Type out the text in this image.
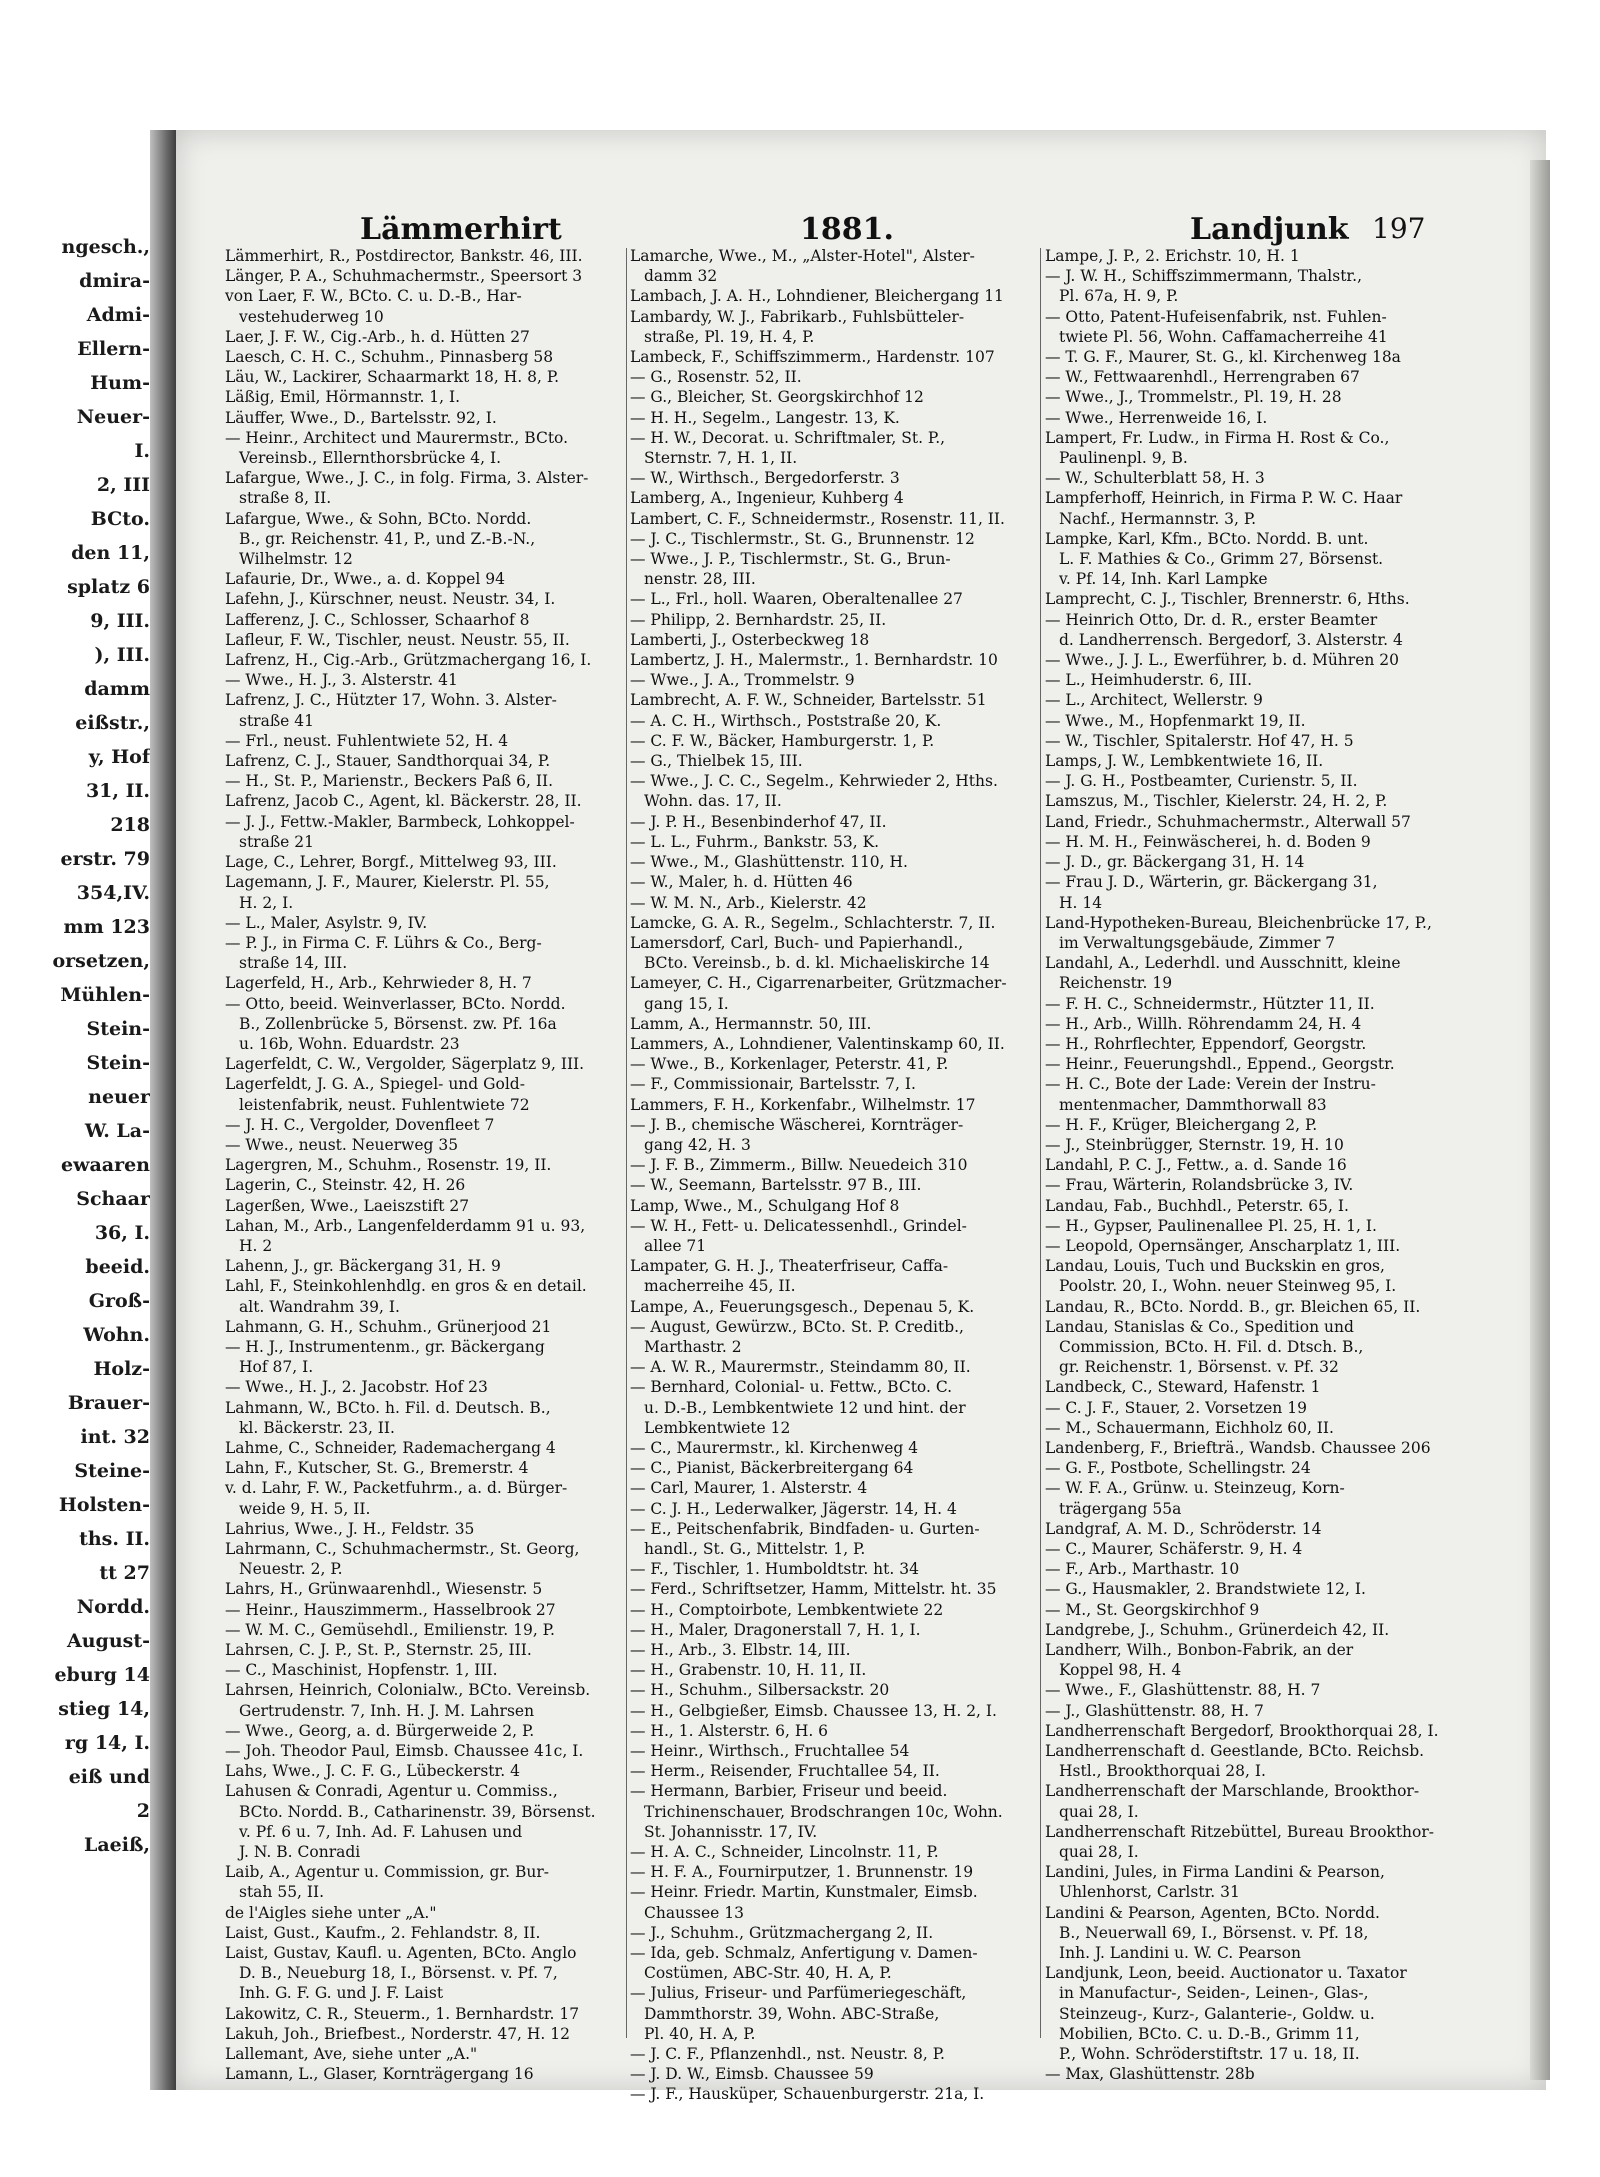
ngesch.,
dmira-
Admi-
Ellern-
Hum-
Neuer-
I.
2, III
BCto.
den 11,
splatz 6
9, III.
), III.
damm
eißstr.,
y, Hof
31, II.
218
erstr. 79
354,IV.
mm 123
orsetzen,
Mühlen-
Stein-
Stein-
neuer
W. La-
ewaaren
Schaar
36, I.
beeid.
Groß-
Wohn.
Holz-
Brauer-
int. 32
Steine-
Holsten-
ths. II.
tt 27
Nordd.
August-
eburg 14
stieg 14,
rg 14, I.
eiß und
2
Laeiß,
Lämmerhirt	1881.	Landjunk 197
Lämmerhirt, R., Postdirector, Bankstr. 46, III.
Länger, P. A., Schuhmachermstr., Speersort 3
von Laer, F. W., BCto. C. u. D.-B., Har-
vestehuderweg 10
Laer, J. F. W., Cig.-Arb., h. d. Hütten 27
Laesch, C. H. C., Schuhm., Pinnasberg 58
Läu, W., Lackirer, Schaarmarkt 18, H. 8, P.
Läßig, Emil, Hörmannstr. 1, I.
Läuffer, Wwe., D., Bartelsstr. 92, I.
— Heinr., Architect und Maurermstr., BCto.
Vereinsb., Ellernthorsbrücke 4, I.
Lafargue, Wwe., J. C., in folg. Firma, 3. Alster-
straße 8, II.
Lafargue, Wwe., & Sohn, BCto. Nordd.
B., gr. Reichenstr. 41, P., und Z.-B.-N.,
Wilhelmstr. 12
Lafaurie, Dr., Wwe., a. d. Koppel 94
Lafehn, J., Kürschner, neust. Neustr. 34, I.
Lafferenz, J. C., Schlosser, Schaarhof 8
Lafleur, F. W., Tischler, neust. Neustr. 55, II.
Lafrenz, H., Cig.-Arb., Grützmachergang 16, I.
— Wwe., H. J., 3. Alsterstr. 41
Lafrenz, J. C., Hützter 17, Wohn. 3. Alster-
straße 41
— Frl., neust. Fuhlentwiete 52, H. 4
Lafrenz, C. J., Stauer, Sandthorquai 34, P.
— H., St. P., Marienstr., Beckers Paß 6, II.
Lafrenz, Jacob C., Agent, kl. Bäckerstr. 28, II.
— J. J., Fettw.-Makler, Barmbeck, Lohkoppel-
straße 21
Lage, C., Lehrer, Borgf., Mittelweg 93, III.
Lagemann, J. F., Maurer, Kielerstr. Pl. 55,
H. 2, I.
— L., Maler, Asylstr. 9, IV.
— P. J., in Firma C. F. Lührs & Co., Berg-
straße 14, III.
Lagerfeld, H., Arb., Kehrwieder 8, H. 7
— Otto, beeid. Weinverlasser, BCto. Nordd.
B., Zollenbrücke 5, Börsenst. zw. Pf. 16a
u. 16b, Wohn. Eduardstr. 23
Lagerfeldt, C. W., Vergolder, Sägerplatz 9, III.
Lagerfeldt, J. G. A., Spiegel- und Gold-
leistenfabrik, neust. Fuhlentwiete 72
— J. H. C., Vergolder, Dovenfleet 7
— Wwe., neust. Neuerweg 35
Lagergren, M., Schuhm., Rosenstr. 19, II.
Lagerin, C., Steinstr. 42, H. 26
Lagerßen, Wwe., Laeiszstift 27
Lahan, M., Arb., Langenfelderdamm 91 u. 93,
H. 2
Lahenn, J., gr. Bäckergang 31, H. 9
Lahl, F., Steinkohlenhdlg. en gros & en detail.
alt. Wandrahm 39, I.
Lahmann, G. H., Schuhm., Grünerjood 21
— H. J., Instrumentenm., gr. Bäckergang
Hof 87, I.
— Wwe., H. J., 2. Jacobstr. Hof 23
Lahmann, W., BCto. h. Fil. d. Deutsch. B.,
kl. Bäckerstr. 23, II.
Lahme, C., Schneider, Rademachergang 4
Lahn, F., Kutscher, St. G., Bremerstr. 4
v. d. Lahr, F. W., Packetfuhrm., a. d. Bürger-
weide 9, H. 5, II.
Lahrius, Wwe., J. H., Feldstr. 35
Lahrmann, C., Schuhmachermstr., St. Georg,
Neuestr. 2, P.
Lahrs, H., Grünwaarenhdl., Wiesenstr. 5
— Heinr., Hauszimmerm., Hasselbrook 27
— W. M. C., Gemüsehdl., Emilienstr. 19, P.
Lahrsen, C. J. P., St. P., Sternstr. 25, III.
— C., Maschinist, Hopfenstr. 1, III.
Lahrsen, Heinrich, Colonialw., BCto. Vereinsb.
Gertrudenstr. 7, Inh. H. J. M. Lahrsen
— Wwe., Georg, a. d. Bürgerweide 2, P.
— Joh. Theodor Paul, Eimsb. Chaussee 41c, I.
Lahs, Wwe., J. C. F. G., Lübeckerstr. 4
Lahusen & Conradi, Agentur u. Commiss.,
BCto. Nordd. B., Catharinenstr. 39, Börsenst.
v. Pf. 6 u. 7, Inh. Ad. F. Lahusen und
J. N. B. Conradi
Laib, A., Agentur u. Commission, gr. Bur-
stah 55, II.
de l'Aigles siehe unter „A."
Laist, Gust., Kaufm., 2. Fehlandstr. 8, II.
Laist, Gustav, Kaufl. u. Agenten, BCto. Anglo
D. B., Neueburg 18, I., Börsenst. v. Pf. 7,
Inh. G. F. G. und J. F. Laist
Lakowitz, C. R., Steuerm., 1. Bernhardstr. 17
Lakuh, Joh., Briefbest., Norderstr. 47, H. 12
Lallemant, Ave, siehe unter „A."
Lamann, L., Glaser, Kornträgergang 16
Lamarche, Wwe., M., „Alster-Hotel", Alster-
damm 32
Lambach, J. A. H., Lohndiener, Bleichergang 11
Lambardy, W. J., Fabrikarb., Fuhlsbütteler-
straße, Pl. 19, H. 4, P.
Lambeck, F., Schiffszimmerm., Hardenstr. 107
— G., Rosenstr. 52, II.
— G., Bleicher, St. Georgskirchhof 12
— H. H., Segelm., Langestr. 13, K.
— H. W., Decorat. u. Schriftmaler, St. P.,
Sternstr. 7, H. 1, II.
— W., Wirthsch., Bergedorferstr. 3
Lamberg, A., Ingenieur, Kuhberg 4
Lambert, C. F., Schneidermstr., Rosenstr. 11, II.
— J. C., Tischlermstr., St. G., Brunnenstr. 12
— Wwe., J. P., Tischlermstr., St. G., Brun-
nenstr. 28, III.
— L., Frl., holl. Waaren, Oberaltenallee 27
— Philipp, 2. Bernhardstr. 25, II.
Lamberti, J., Osterbeckweg 18
Lambertz, J. H., Malermstr., 1. Bernhardstr. 10
— Wwe., J. A., Trommelstr. 9
Lambrecht, A. F. W., Schneider, Bartelsstr. 51
— A. C. H., Wirthsch., Poststraße 20, K.
— C. F. W., Bäcker, Hamburgerstr. 1, P.
— G., Thielbek 15, III.
— Wwe., J. C. C., Segelm., Kehrwieder 2, Hths.
Wohn. das. 17, II.
— J. P. H., Besenbinderhof 47, II.
— L. L., Fuhrm., Bankstr. 53, K.
— Wwe., M., Glashüttenstr. 110, H.
— W., Maler, h. d. Hütten 46
— W. M. N., Arb., Kielerstr. 42
Lamcke, G. A. R., Segelm., Schlachterstr. 7, II.
Lamersdorf, Carl, Buch- und Papierhandl.,
BCto. Vereinsb., b. d. kl. Michaeliskirche 14
Lameyer, C. H., Cigarrenarbeiter, Grützmacher-
gang 15, I.
Lamm, A., Hermannstr. 50, III.
Lammers, A., Lohndiener, Valentinskamp 60, II.
— Wwe., B., Korkenlager, Peterstr. 41, P.
— F., Commissionair, Bartelsstr. 7, I.
Lammers, F. H., Korkenfabr., Wilhelmstr. 17
— J. B., chemische Wäscherei, Kornträger-
gang 42, H. 3
— J. F. B., Zimmerm., Billw. Neuedeich 310
— W., Seemann, Bartelsstr. 97 B., III.
Lamp, Wwe., M., Schulgang Hof 8
— W. H., Fett- u. Delicatessenhdl., Grindel-
allee 71
Lampater, G. H. J., Theaterfriseur, Caffa-
macherreihe 45, II.
Lampe, A., Feuerungsgesch., Depenau 5, K.
— August, Gewürzw., BCto. St. P. Creditb.,
Marthastr. 2
— A. W. R., Maurermstr., Steindamm 80, II.
— Bernhard, Colonial- u. Fettw., BCto. C.
u. D.-B., Lembkentwiete 12 und hint. der
Lembkentwiete 12
— C., Maurermstr., kl. Kirchenweg 4
— C., Pianist, Bäckerbreitergang 64
— Carl, Maurer, 1. Alsterstr. 4
— C. J. H., Lederwalker, Jägerstr. 14, H. 4
— E., Peitschenfabrik, Bindfaden- u. Gurten-
handl., St. G., Mittelstr. 1, P.
— F., Tischler, 1. Humboldtstr. ht. 34
— Ferd., Schriftsetzer, Hamm, Mittelstr. ht. 35
— H., Comptoirbote, Lembkentwiete 22
— H., Maler, Dragonerstall 7, H. 1, I.
— H., Arb., 3. Elbstr. 14, III.
— H., Grabenstr. 10, H. 11, II.
— H., Schuhm., Silbersackstr. 20
— H., Gelbgießer, Eimsb. Chaussee 13, H. 2, I.
— H., 1. Alsterstr. 6, H. 6
— Heinr., Wirthsch., Fruchtallee 54
— Herm., Reisender, Fruchtallee 54, II.
— Hermann, Barbier, Friseur und beeid.
Trichinenschauer, Brodschrangen 10c, Wohn.
St. Johannisstr. 17, IV.
— H. A. C., Schneider, Lincolnstr. 11, P.
— H. F. A., Fournirputzer, 1. Brunnenstr. 19
— Heinr. Friedr. Martin, Kunstmaler, Eimsb.
Chaussee 13
— J., Schuhm., Grützmachergang 2, II.
— Ida, geb. Schmalz, Anfertigung v. Damen-
Costümen, ABC-Str. 40, H. A, P.
— Julius, Friseur- und Parfümeriegeschäft,
Dammthorstr. 39, Wohn. ABC-Straße,
Pl. 40, H. A, P.
— J. C. F., Pflanzenhdl., nst. Neustr. 8, P.
— J. D. W., Eimsb. Chaussee 59
— J. F., Hausküper, Schauenburgerstr. 21a, I.
Lampe, J. P., 2. Erichstr. 10, H. 1
— J. W. H., Schiffszimmermann, Thalstr.,
Pl. 67a, H. 9, P.
— Otto, Patent-Hufeisenfabrik, nst. Fuhlen-
twiete Pl. 56, Wohn. Caffamacherreihe 41
— T. G. F., Maurer, St. G., kl. Kirchenweg 18a
— W., Fettwaarenhdl., Herrengraben 67
— Wwe., J., Trommelstr., Pl. 19, H. 28
— Wwe., Herrenweide 16, I.
Lampert, Fr. Ludw., in Firma H. Rost & Co.,
Paulinenpl. 9, B.
— W., Schulterblatt 58, H. 3
Lampferhoff, Heinrich, in Firma P. W. C. Haar
Nachf., Hermannstr. 3, P.
Lampke, Karl, Kfm., BCto. Nordd. B. unt.
L. F. Mathies & Co., Grimm 27, Börsenst.
v. Pf. 14, Inh. Karl Lampke
Lamprecht, C. J., Tischler, Brennerstr. 6, Hths.
— Heinrich Otto, Dr. d. R., erster Beamter
d. Landherrensch. Bergedorf, 3. Alsterstr. 4
— Wwe., J. J. L., Ewerführer, b. d. Mühren 20
— L., Heimhuderstr. 6, III.
— L., Architect, Wellerstr. 9
— Wwe., M., Hopfenmarkt 19, II.
— W., Tischler, Spitalerstr. Hof 47, H. 5
Lamps, J. W., Lembkentwiete 16, II.
— J. G. H., Postbeamter, Curienstr. 5, II.
Lamszus, M., Tischler, Kielerstr. 24, H. 2, P.
Land, Friedr., Schuhmachermstr., Alterwall 57
— H. M. H., Feinwäscherei, h. d. Boden 9
— J. D., gr. Bäckergang 31, H. 14
— Frau J. D., Wärterin, gr. Bäckergang 31,
H. 14
Land-Hypotheken-Bureau, Bleichenbrücke 17, P.,
im Verwaltungsgebäude, Zimmer 7
Landahl, A., Lederhdl. und Ausschnitt, kleine
Reichenstr. 19
— F. H. C., Schneidermstr., Hützter 11, II.
— H., Arb., Willh. Röhrendamm 24, H. 4
— H., Rohrflechter, Eppendorf, Georgstr.
— Heinr., Feuerungshdl., Eppend., Georgstr.
— H. C., Bote der Lade: Verein der Instru-
mentenmacher, Dammthorwall 83
— H. F., Krüger, Bleichergang 2, P.
— J., Steinbrügger, Sternstr. 19, H. 10
Landahl, P. C. J., Fettw., a. d. Sande 16
— Frau, Wärterin, Rolandsbrücke 3, IV.
Landau, Fab., Buchhdl., Peterstr. 65, I.
— H., Gypser, Paulinenallee Pl. 25, H. 1, I.
— Leopold, Opernsänger, Anscharplatz 1, III.
Landau, Louis, Tuch und Buckskin en gros,
Poolstr. 20, I., Wohn. neuer Steinweg 95, I.
Landau, R., BCto. Nordd. B., gr. Bleichen 65, II.
Landau, Stanislas & Co., Spedition und
Commission, BCto. H. Fil. d. Dtsch. B.,
gr. Reichenstr. 1, Börsenst. v. Pf. 32
Landbeck, C., Steward, Hafenstr. 1
— C. J. F., Stauer, 2. Vorsetzen 19
— M., Schauermann, Eichholz 60, II.
Landenberg, F., Briefträ., Wandsb. Chaussee 206
— G. F., Postbote, Schellingstr. 24
— W. F. A., Grünw. u. Steinzeug, Korn-
trägergang 55a
Landgraf, A. M. D., Schröderstr. 14
— C., Maurer, Schäferstr. 9, H. 4
— F., Arb., Marthastr. 10
— G., Hausmakler, 2. Brandstwiete 12, I.
— M., St. Georgskirchhof 9
Landgrebe, J., Schuhm., Grünerdeich 42, II.
Landherr, Wilh., Bonbon-Fabrik, an der
Koppel 98, H. 4
— Wwe., F., Glashüttenstr. 88, H. 7
— J., Glashüttenstr. 88, H. 7
Landherrenschaft Bergedorf, Brookthorquai 28, I.
Landherrenschaft d. Geestlande, BCto. Reichsb.
Hstl., Brookthorquai 28, I.
Landherrenschaft der Marschlande, Brookthor-
quai 28, I.
Landherrenschaft Ritzebüttel, Bureau Brookthor-
quai 28, I.
Landini, Jules, in Firma Landini & Pearson,
Uhlenhorst, Carlstr. 31
Landini & Pearson, Agenten, BCto. Nordd.
B., Neuerwall 69, I., Börsenst. v. Pf. 18,
Inh. J. Landini u. W. C. Pearson
Landjunk, Leon, beeid. Auctionator u. Taxator
in Manufactur-, Seiden-, Leinen-, Glas-,
Steinzeug-, Kurz-, Galanterie-, Goldw. u.
Mobilien, BCto. C. u. D.-B., Grimm 11,
P., Wohn. Schröderstiftstr. 17 u. 18, II.
— Max, Glashüttenstr. 28b
